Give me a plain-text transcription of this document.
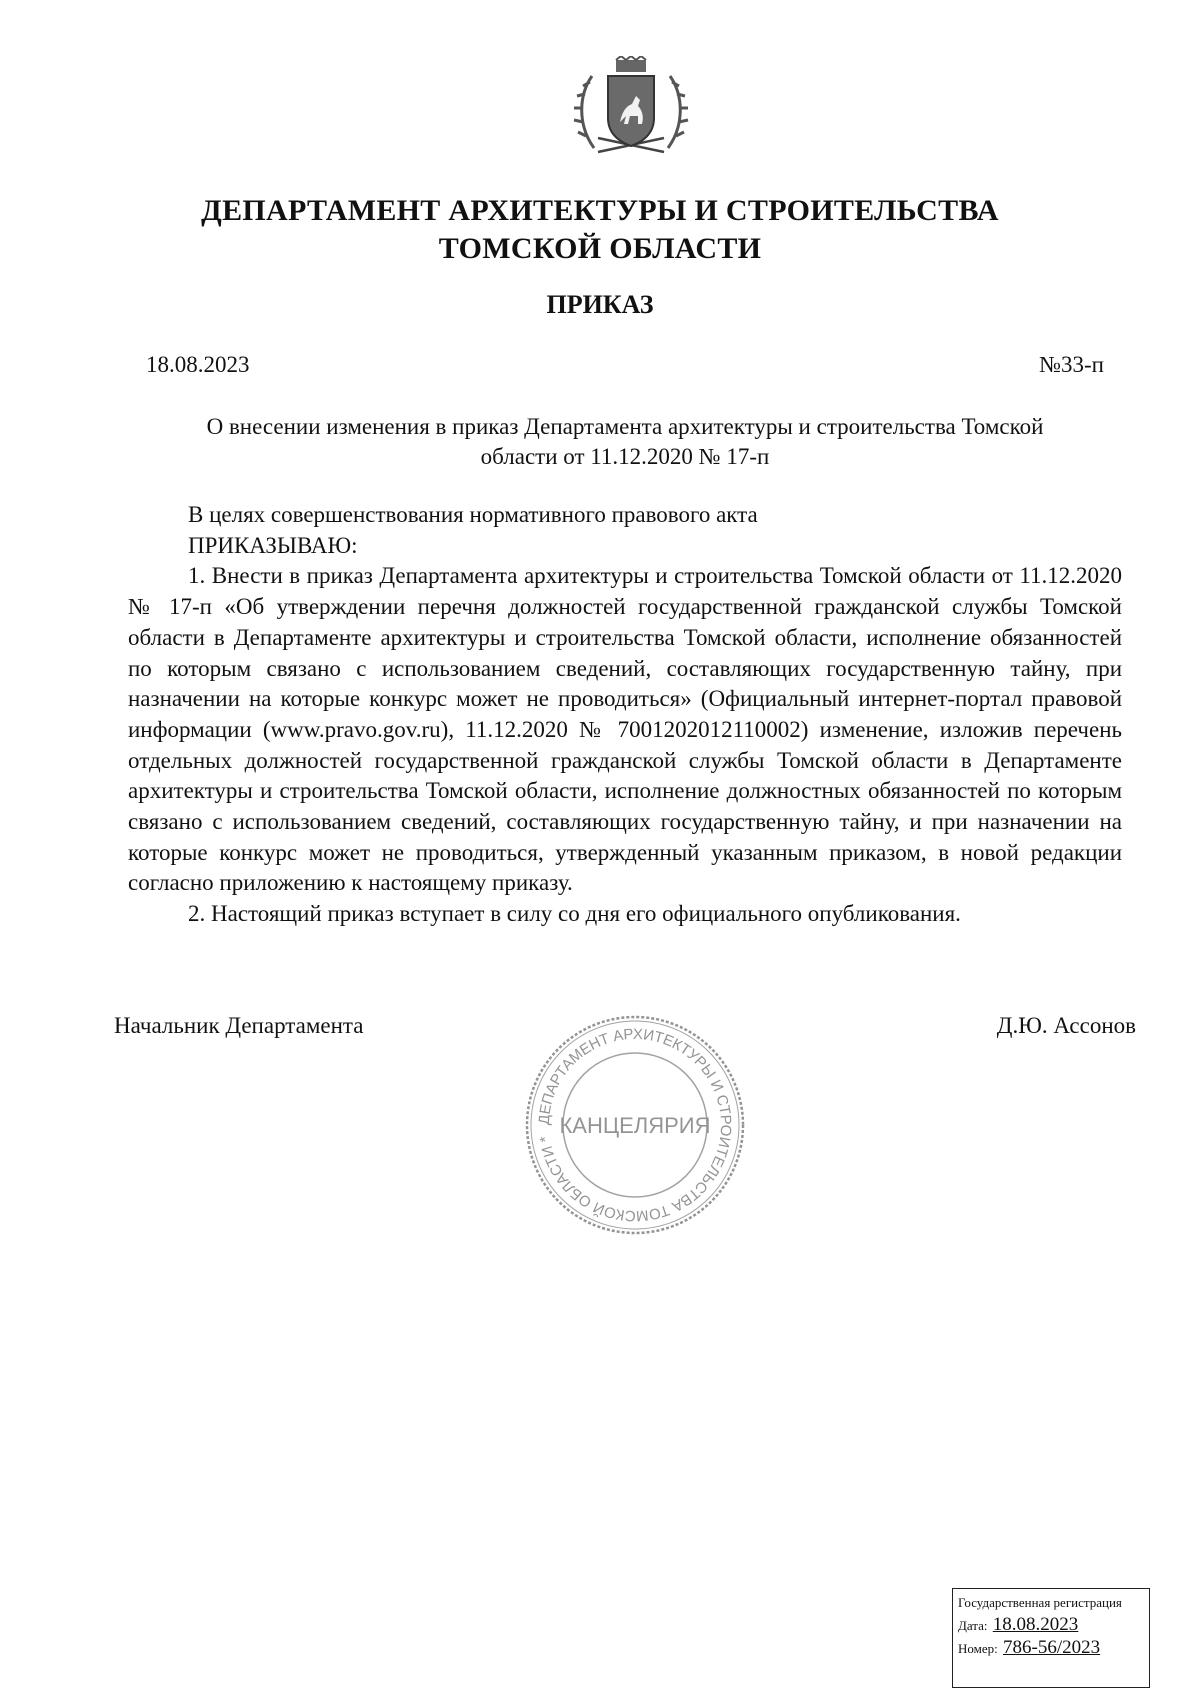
ДЕПАРТАМЕНТ АРХИТЕКТУРЫ И СТРОИТЕЛЬСТВА
ТОМСКОЙ ОБЛАСТИ
ПРИКАЗ
18.08.2023	№33-п
О внесении изменения в приказ Департамента архитектуры и строительства Томской
области от 11.12.2020 № 17-п

В целях совершенствования нормативного правового акта

ПРИКАЗЫВАЮ:

1. Внести в приказ Департамента архитектуры и строительства Томской области от 11.12.2020 № 17-п «Об утверждении перечня должностей государственной гражданской службы Томской области в Департаменте архитектуры и строительства Томской области, исполнение обязанностей по которым связано с использованием сведений, составляющих государственную тайну, при назначении на которые конкурс может не проводиться» (Официальный интернет-портал правовой информации (www.pravo.gov.ru), 11.12.2020 № 7001202012110002) изменение, изложив перечень отдельных должностей государственной гражданской службы Томской области в Департаменте архитектуры и строительства Томской области, исполнение должностных обязанностей по которым связано с использованием сведений, составляющих государственную тайну, и при назначении на которые конкурс может не проводиться, утвержденный указанным приказом, в новой редакции согласно приложению к настоящему приказу.

2. Настоящий приказ вступает в силу со дня его официального опубликования.

Начальник Департамента	Д.Ю. Ассонов
ДЕПАРТАМЕНТ АРХИТЕКТУРЫ И СТРОИТЕЛЬСТВА ТОМСКОЙ ОБЛАСТИ *
КАНЦЕЛЯРИЯ
Государственная регистрация
Дата: 18.08.2023
Номер: 786-56/2023
